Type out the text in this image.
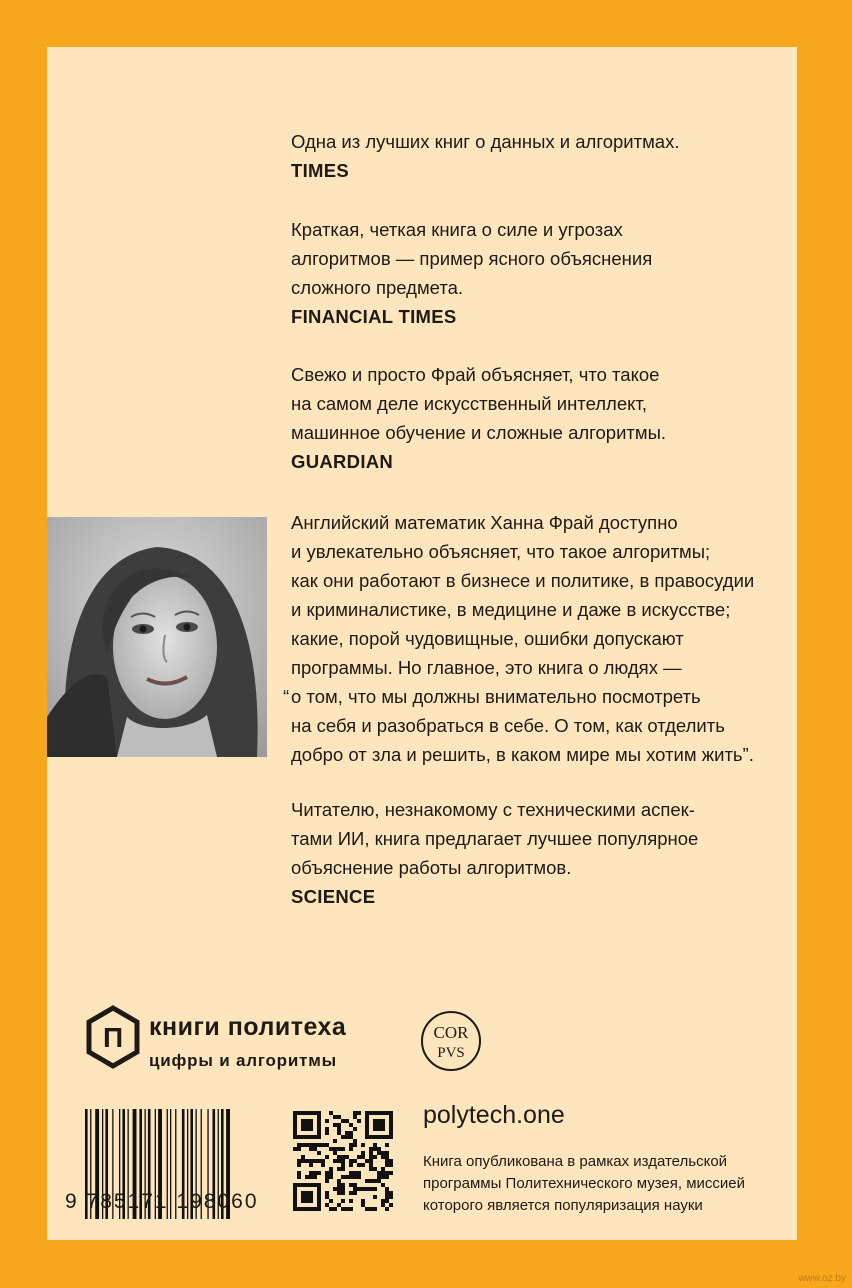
Одна из лучших книг о данных и алгоритмах.

TIMES

Краткая, четкая книга о силе и угрозах

алгоритмов — пример ясного объяснения

сложного предмета.

FINANCIAL TIMES

Свежо и просто Фрай объясняет, что такое

на самом деле искусственный интеллект,

машинное обучение и сложные алгоритмы.

GUARDIAN

Английский математик Ханна Фрай доступно

и увлекательно объясняет, что такое алгоритмы;

как они работают в бизнесе и политике, в правосудии

и криминалистике, в медицине и даже в искусстве;

какие, порой чудовищные, ошибки допускают

программы. Но главное, это книга о людях —

“ о том, что мы должны внимательно посмотреть

на себя и разобраться в себе. О том, как отделить

добро от зла и решить, в каком мире мы хотим жить”.

Читателю, незнакомому с техническими аспек-

тами ИИ, книга предлагает лучшее популярное

объяснение работы алгоритмов.

SCIENCE

П книги политеха
цифры и алгоритмы
COR
PVS
9 785171 198060
polytech.one

Книга опубликована в рамках издательской

программы Политехнического музея, миссией

которого является популяризация науки

www.oz.by
